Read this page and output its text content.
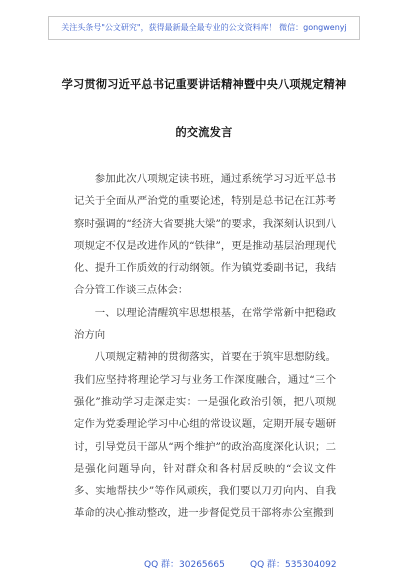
关注头条号"公文研究"，获得最新最全最专业的公文资料库！ 微信：gongwenyj
学习贯彻习近平总书记重要讲话精神暨中央八项规定精神
的交流发言

参加此次八项规定读书班，通过系统学习习近平总书记关于全面从严治党的重要论述，特别是总书记在江苏考察时强调的“经济大省要挑大梁”的要求，我深刻认识到八项规定不仅是改进作风的“铁律”，更是推动基层治理现代化、提升工作质效的行动纲领。作为镇党委副书记，我结合分管工作谈三点体会：

一、以理论清醒筑牢思想根基，在常学常新中把稳政治方向

八项规定精神的贯彻落实，首要在于筑牢思想防线。我们应坚持将理论学习与业务工作深度融合，通过“三个强化”推动学习走深走实：一是强化政治引领，把八项规定作为党委理论学习中心组的常设议题，定期开展专题研讨，引导党员干部从“两个维护”的政治高度深化认识；二是强化问题导向，针对群众和各村居反映的“会议文件多、实地帮扶少”等作风顽疾，我们要以刀刃向内、自我革命的决心推动整改，进一步督促党员干部将赤公室搬到

QQ 群：30265665	QQ 群：535304092
